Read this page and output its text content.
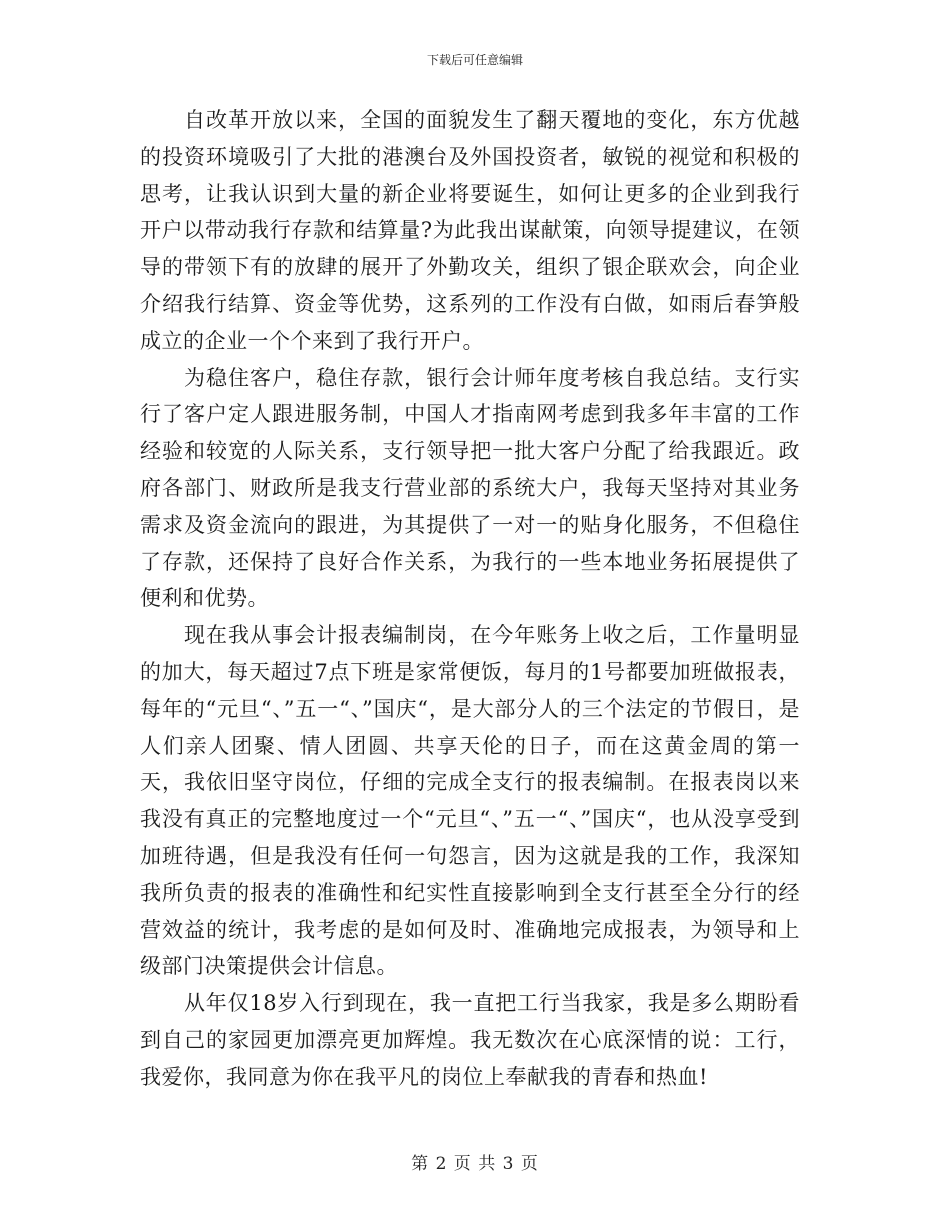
下载后可任意编辑

自改革开放以来，全国的面貌发生了翻天覆地的变化，东方优越的投资环境吸引了大批的港澳台及外国投资者，敏锐的视觉和积极的思考，让我认识到大量的新企业将要诞生，如何让更多的企业到我行开户以带动我行存款和结算量?为此我出谋献策，向领导提建议，在领导的带领下有的放肆的展开了外勤攻关，组织了银企联欢会，向企业介绍我行结算、资金等优势，这系列的工作没有白做，如雨后春笋般成立的企业一个个来到了我行开户。

为稳住客户，稳住存款，银行会计师年度考核自我总结。支行实行了客户定人跟进服务制，中国人才指南网考虑到我多年丰富的工作经验和较宽的人际关系，支行领导把一批大客户分配了给我跟近。政府各部门、财政所是我支行营业部的系统大户，我每天坚持对其业务需求及资金流向的跟进，为其提供了一对一的贴身化服务，不但稳住了存款，还保持了良好合作关系，为我行的一些本地业务拓展提供了便利和优势。

现在我从事会计报表编制岗，在今年账务上收之后，工作量明显的加大，每天超过7点下班是家常便饭，每月的1号都要加班做报表，每年的“元旦“、”五一“、”国庆“，是大部分人的三个法定的节假日，是人们亲人团聚、情人团圆、共享天伦的日子，而在这黄金周的第一天，我依旧坚守岗位，仔细的完成全支行的报表编制。在报表岗以来我没有真正的完整地度过一个“元旦“、”五一“、”国庆“，也从没享受到加班待遇，但是我没有任何一句怨言，因为这就是我的工作，我深知我所负责的报表的准确性和纪实性直接影响到全支行甚至全分行的经营效益的统计，我考虑的是如何及时、准确地完成报表，为领导和上级部门决策提供会计信息。

从年仅18岁入行到现在，我一直把工行当我家，我是多么期盼看到自己的家园更加漂亮更加辉煌。我无数次在心底深情的说：工行，我爱你，我同意为你在我平凡的岗位上奉献我的青春和热血!

第 2 页 共 3 页
